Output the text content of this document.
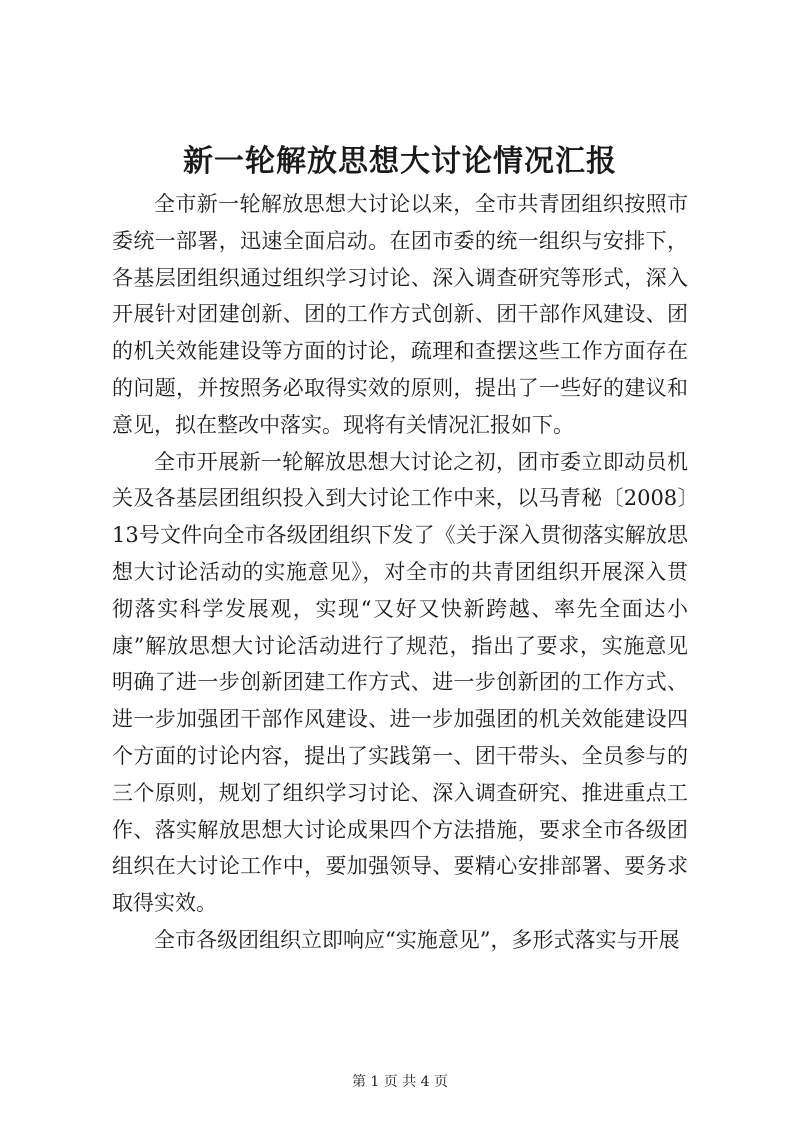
新一轮解放思想大讨论情况汇报

全市新一轮解放思想大讨论以来，全市共青团组织按照市委统一部署，迅速全面启动。在团市委的统一组织与安排下，各基层团组织通过组织学习讨论、深入调查研究等形式，深入开展针对团建创新、团的工作方式创新、团干部作风建设、团的机关效能建设等方面的讨论，疏理和查摆这些工作方面存在的问题，并按照务必取得实效的原则，提出了一些好的建议和意见，拟在整改中落实。现将有关情况汇报如下。

全市开展新一轮解放思想大讨论之初，团市委立即动员机关及各基层团组织投入到大讨论工作中来，以马青秘〔2008〕13号文件向全市各级团组织下发了《关于深入贯彻落实解放思想大讨论活动的实施意见》，对全市的共青团组织开展深入贯彻落实科学发展观，实现“又好又快新跨越、率先全面达小康”解放思想大讨论活动进行了规范，指出了要求，实施意见明确了进一步创新团建工作方式、进一步创新团的工作方式、进一步加强团干部作风建设、进一步加强团的机关效能建设四个方面的讨论内容，提出了实践第一、团干带头、全员参与的三个原则，规划了组织学习讨论、深入调查研究、推进重点工作、落实解放思想大讨论成果四个方法措施，要求全市各级团组织在大讨论工作中，要加强领导、要精心安排部署、要务求取得实效。

全市各级团组织立即响应“实施意见”，多形式落实与开展

第 1 页 共 4 页
